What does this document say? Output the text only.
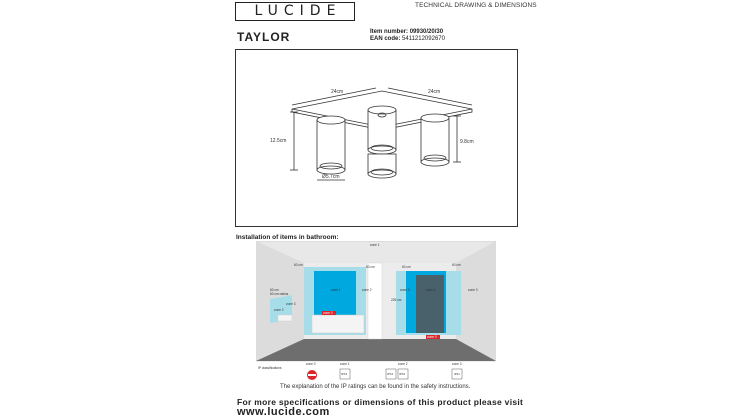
LUCIDE	TECHNICAL DRAWING & DIMENSIONS
TAYLOR	Item number: 09930/20/30
EAN code: 5411212092670
24cm	24cm
12.5cm	9.8cm
Ø5.7cm
Installation of items in bathroom:
zone 1
60 cm	60 cm	60 cm	60 cm
60 cm
60 cm radius
225 cm
zone 1	zone 1
zone 2	zone 2
zone 2
zone 3
zone 3
zone 0
zone 0
IP classifications
zone 0	zone 1	zone 2	zone 3
IPX4	IPX4 IPX4	IP21
The explanation of the IP ratings can be found in the safety instructions.
For more specifications or dimensions of this product please visit
www.lucide.com
